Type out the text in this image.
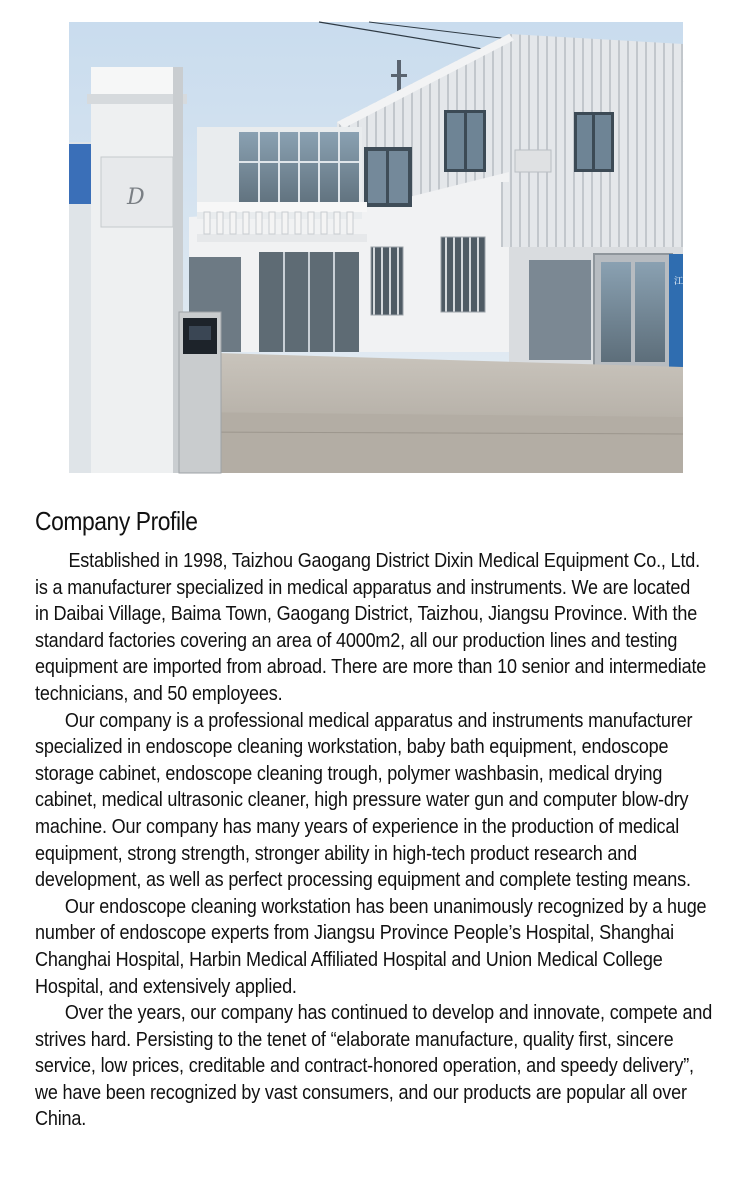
江苏
D
Company Profile
Established in 1998, Taizhou Gaogang District Dixin Medical Equipment Co., Ltd.
is a manufacturer specialized in medical apparatus and instruments. We are located
in Daibai Village, Baima Town, Gaogang District, Taizhou, Jiangsu Province. With the
standard factories covering an area of 4000m2, all our production lines and testing
equipment are imported from abroad. There are more than 10 senior and intermediate
technicians, and 50 employees.
Our company is a professional medical apparatus and instruments manufacturer
specialized in endoscope cleaning workstation, baby bath equipment, endoscope
storage cabinet, endoscope cleaning trough, polymer washbasin, medical drying
cabinet, medical ultrasonic cleaner, high pressure water gun and computer blow-dry
machine. Our company has many years of experience in the production of medical
equipment, strong strength, stronger ability in high-tech product research and
development, as well as perfect processing equipment and complete testing means.
Our endoscope cleaning workstation has been unanimously recognized by a huge
number of endoscope experts from Jiangsu Province People’s Hospital, Shanghai
Changhai Hospital, Harbin Medical Affiliated Hospital and Union Medical College
Hospital, and extensively applied.
Over the years, our company has continued to develop and innovate, compete and
strives hard. Persisting to the tenet of “elaborate manufacture, quality first, sincere
service, low prices, creditable and contract-honored operation, and speedy delivery”,
we have been recognized by vast consumers, and our products are popular all over
China.
